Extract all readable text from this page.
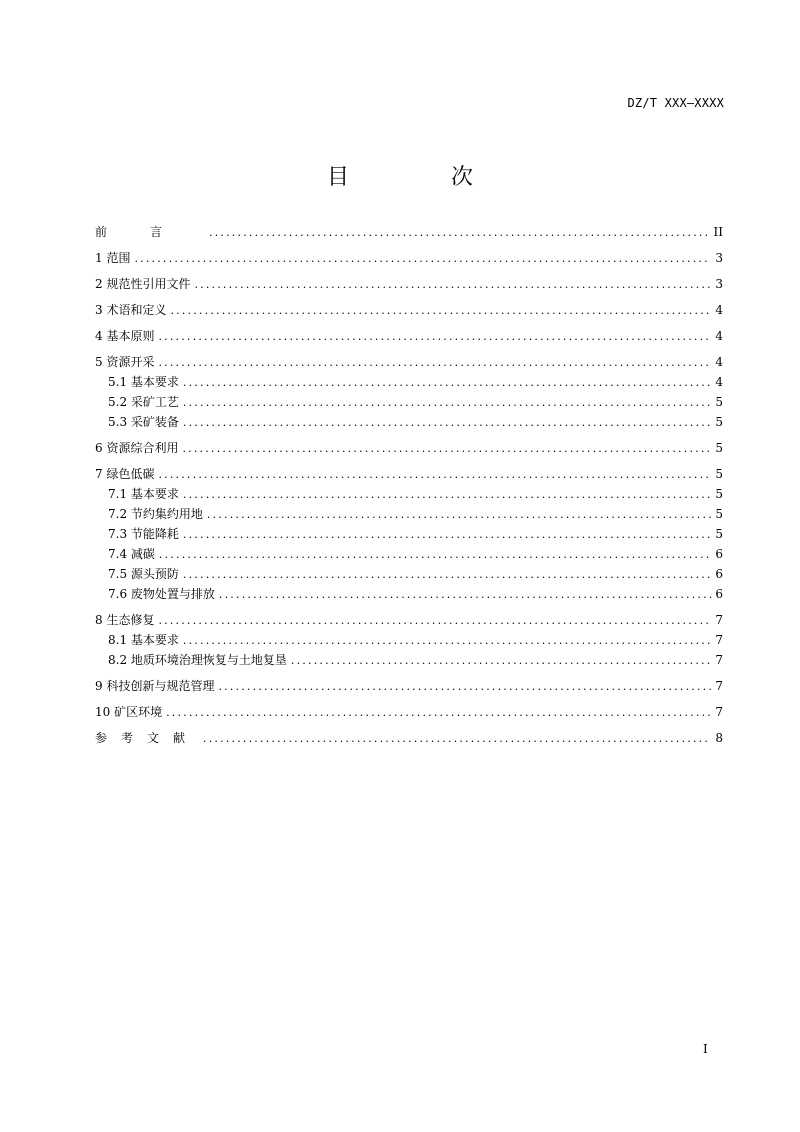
DZ/T XXX—XXXX
目　次
前言 .....	II
1 范围 .....	3
2 规范性引用文件 .....	3
3 术语和定义 .....	4
4 基本原则 .....	4
5 资源开采 .....	4
5.1 基本要求 .....	4
5.2 采矿工艺 .....	5
5.3 采矿装备 .....	5
6 资源综合利用 .....	5
7 绿色低碳 .....	5
7.1 基本要求 .....	5
7.2 节约集约用地 .....	5
7.3 节能降耗 .....	5
7.4 减碳 .....	6
7.5 源头预防 .....	6
7.6 废物处置与排放 .....	6
8 生态修复 .....	7
8.1 基本要求 .....	7
8.2 地质环境治理恢复与土地复垦 .....	7
9 科技创新与规范管理 .....	7
10 矿区环境 .....	7
参考文献 .....	8
I
